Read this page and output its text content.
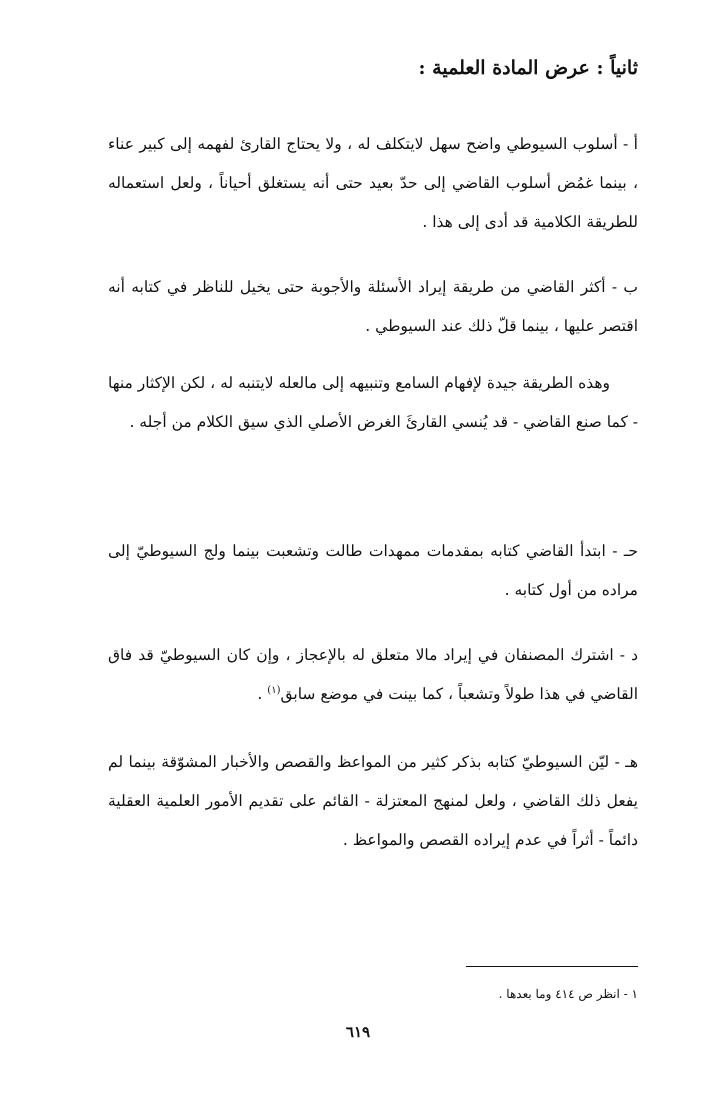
ثانياً : عرض المادة العلمية :

أ - أسلوب السيوطي واضح سهل لايتكلف له ، ولا يحتاج القارئ لفهمه إلى كبير عناء ، بينما غمُض أسلوب القاضي إلى حدّ بعيد حتى أنه يستغلق أحياناً ، ولعل استعماله للطريقة الكلامية قد أدى إلى هذا .

ب - أكثر القاضي من طريقة إيراد الأسئلة والأجوبة حتى يخيل للناظر في كتابه أنه اقتصر عليها ، بينما قلّ ذلك عند السيوطي .

وهذه الطريقة جيدة لإفهام السامع وتنبيهه إلى مالعله لايتنبه له ، لكن الإكثار منها - كما صنع القاضي - قد يُنسي القارئَ الغرض الأصلي الذي سيق الكلام من أجله .

حـ - ابتدأ القاضي كتابه بمقدمات ممهدات طالت وتشعبت بينما ولج السيوطيّ إلى مراده من أول كتابه .

د - اشترك المصنفان في إيراد مالا متعلق له بالإعجاز ، وإن كان السيوطيّ قد فاق القاضي في هذا طولاً وتشعباً ، كما بينت في موضع سابق$^{(١)}$ .

هـ - ليّن السيوطيّ كتابه بذكر كثير من المواعظ والقصص والأخبار المشوّقة بينما لم يفعل ذلك القاضي ، ولعل لمنهج المعتزلة - القائم على تقديم الأمور العلمية العقلية دائماً - أثراً في عدم إيراده القصص والمواعظ .

١ - انظر ص ٤١٤ وما بعدها .

٦١٩
